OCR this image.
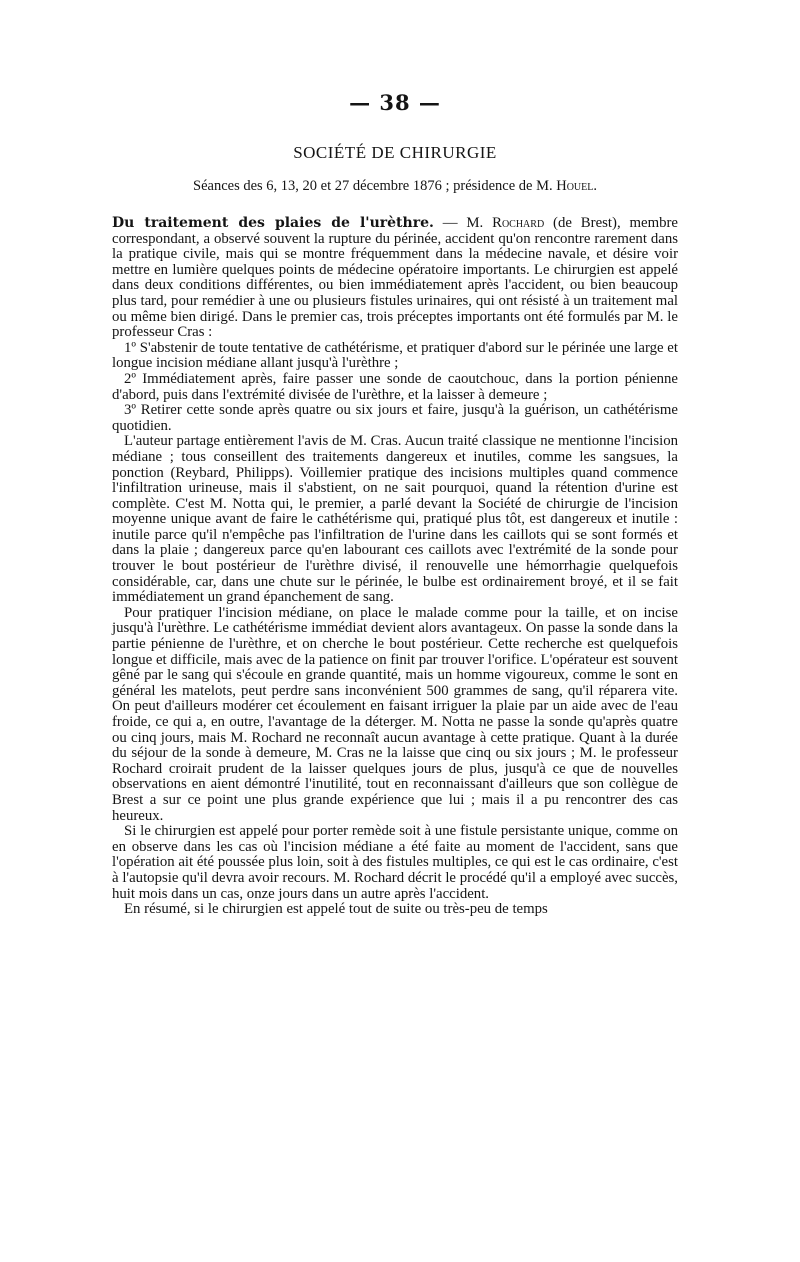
— 38 —
SOCIÉTÉ DE CHIRURGIE
Séances des 6, 13, 20 et 27 décembre 1876 ; présidence de M. Houel.

Du traitement des plaies de l'urèthre. — M. Rochard (de Brest), membre correspondant, a observé souvent la rupture du périnée, accident qu'on rencontre rarement dans la pratique civile, mais qui se montre fréquemment dans la médecine navale, et désire voir mettre en lumière quelques points de médecine opératoire importants. Le chirurgien est appelé dans deux conditions différentes, ou bien immédiatement après l'accident, ou bien beaucoup plus tard, pour remédier à une ou plusieurs fistules urinaires, qui ont résisté à un traitement mal ou même bien dirigé. Dans le premier cas, trois préceptes importants ont été formulés par M. le professeur Cras :

1º S'abstenir de toute tentative de cathétérisme, et pratiquer d'abord sur le périnée une large et longue incision médiane allant jusqu'à l'urèthre ;

2º Immédiatement après, faire passer une sonde de caoutchouc, dans la portion pénienne d'abord, puis dans l'extrémité divisée de l'urèthre, et la laisser à demeure ;

3º Retirer cette sonde après quatre ou six jours et faire, jusqu'à la guérison, un cathétérisme quotidien.

L'auteur partage entièrement l'avis de M. Cras. Aucun traité classique ne mentionne l'incision médiane ; tous conseillent des traitements dangereux et inutiles, comme les sangsues, la ponction (Reybard, Philipps). Voillemier pratique des incisions multiples quand commence l'infiltration urineuse, mais il s'abstient, on ne sait pourquoi, quand la rétention d'urine est complète. C'est M. Notta qui, le premier, a parlé devant la Société de chirurgie de l'incision moyenne unique avant de faire le cathétérisme qui, pratiqué plus tôt, est dangereux et inutile : inutile parce qu'il n'empêche pas l'infiltration de l'urine dans les caillots qui se sont formés et dans la plaie ; dangereux parce qu'en labourant ces caillots avec l'extrémité de la sonde pour trouver le bout postérieur de l'urèthre divisé, il renouvelle une hémorrhagie quelquefois considérable, car, dans une chute sur le périnée, le bulbe est ordinairement broyé, et il se fait immédiatement un grand épanchement de sang.

Pour pratiquer l'incision médiane, on place le malade comme pour la taille, et on incise jusqu'à l'urèthre. Le cathétérisme immédiat devient alors avantageux. On passe la sonde dans la partie pénienne de l'urèthre, et on cherche le bout postérieur. Cette recherche est quelquefois longue et difficile, mais avec de la patience on finit par trouver l'orifice. L'opérateur est souvent gêné par le sang qui s'écoule en grande quantité, mais un homme vigoureux, comme le sont en général les matelots, peut perdre sans inconvénient 500 grammes de sang, qu'il réparera vite. On peut d'ailleurs modérer cet écoulement en faisant irriguer la plaie par un aide avec de l'eau froide, ce qui a, en outre, l'avantage de la déterger. M. Notta ne passe la sonde qu'après quatre ou cinq jours, mais M. Rochard ne reconnaît aucun avantage à cette pratique. Quant à la durée du séjour de la sonde à demeure, M. Cras ne la laisse que cinq ou six jours ; M. le professeur Rochard croirait prudent de la laisser quelques jours de plus, jusqu'à ce que de nouvelles observations en aient démontré l'inutilité, tout en reconnaissant d'ailleurs que son collègue de Brest a sur ce point une plus grande expérience que lui ; mais il a pu rencontrer des cas heureux.

Si le chirurgien est appelé pour porter remède soit à une fistule persistante unique, comme on en observe dans les cas où l'incision médiane a été faite au moment de l'accident, sans que l'opération ait été poussée plus loin, soit à des fistules multiples, ce qui est le cas ordinaire, c'est à l'autopsie qu'il devra avoir recours. M. Rochard décrit le procédé qu'il a employé avec succès, huit mois dans un cas, onze jours dans un autre après l'accident.

En résumé, si le chirurgien est appelé tout de suite ou très-peu de temps
